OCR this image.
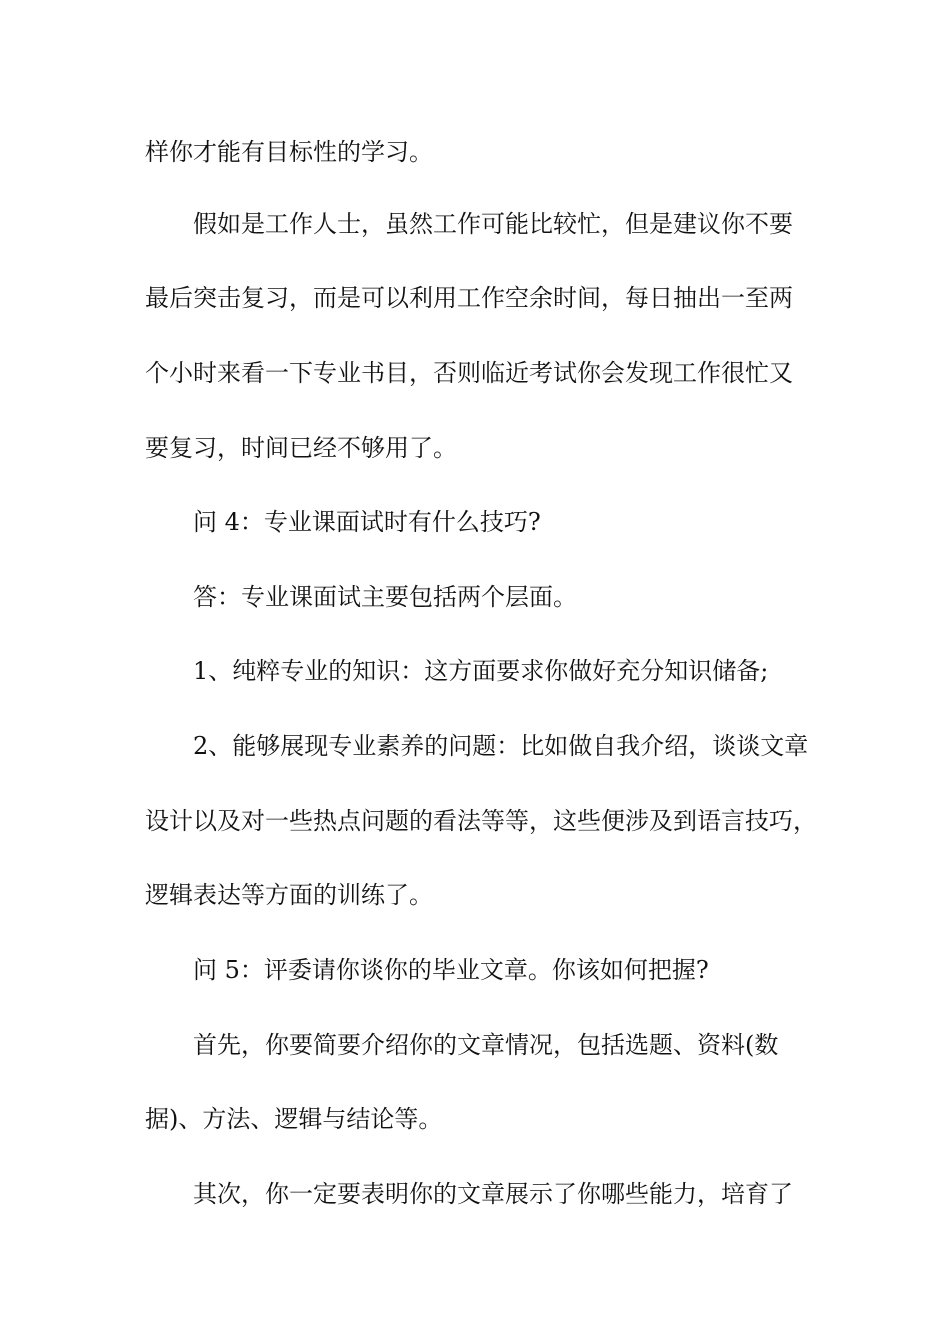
样你才能有目标性的学习。
假如是工作人士，虽然工作可能比较忙，但是建议你不要
最后突击复习，而是可以利用工作空余时间，每日抽出一至两
个小时来看一下专业书目，否则临近考试你会发现工作很忙又
要复习，时间已经不够用了。
问 4：专业课面试时有什么技巧?
答：专业课面试主要包括两个层面。
1、纯粹专业的知识：这方面要求你做好充分知识储备;
2、能够展现专业素养的问题：比如做自我介绍，谈谈文章
设计以及对一些热点问题的看法等等，这些便涉及到语言技巧，
逻辑表达等方面的训练了。
问 5：评委请你谈你的毕业文章。你该如何把握?
首先，你要简要介绍你的文章情况，包括选题、资料(数
据)、方法、逻辑与结论等。
其次，你一定要表明你的文章展示了你哪些能力，培育了
